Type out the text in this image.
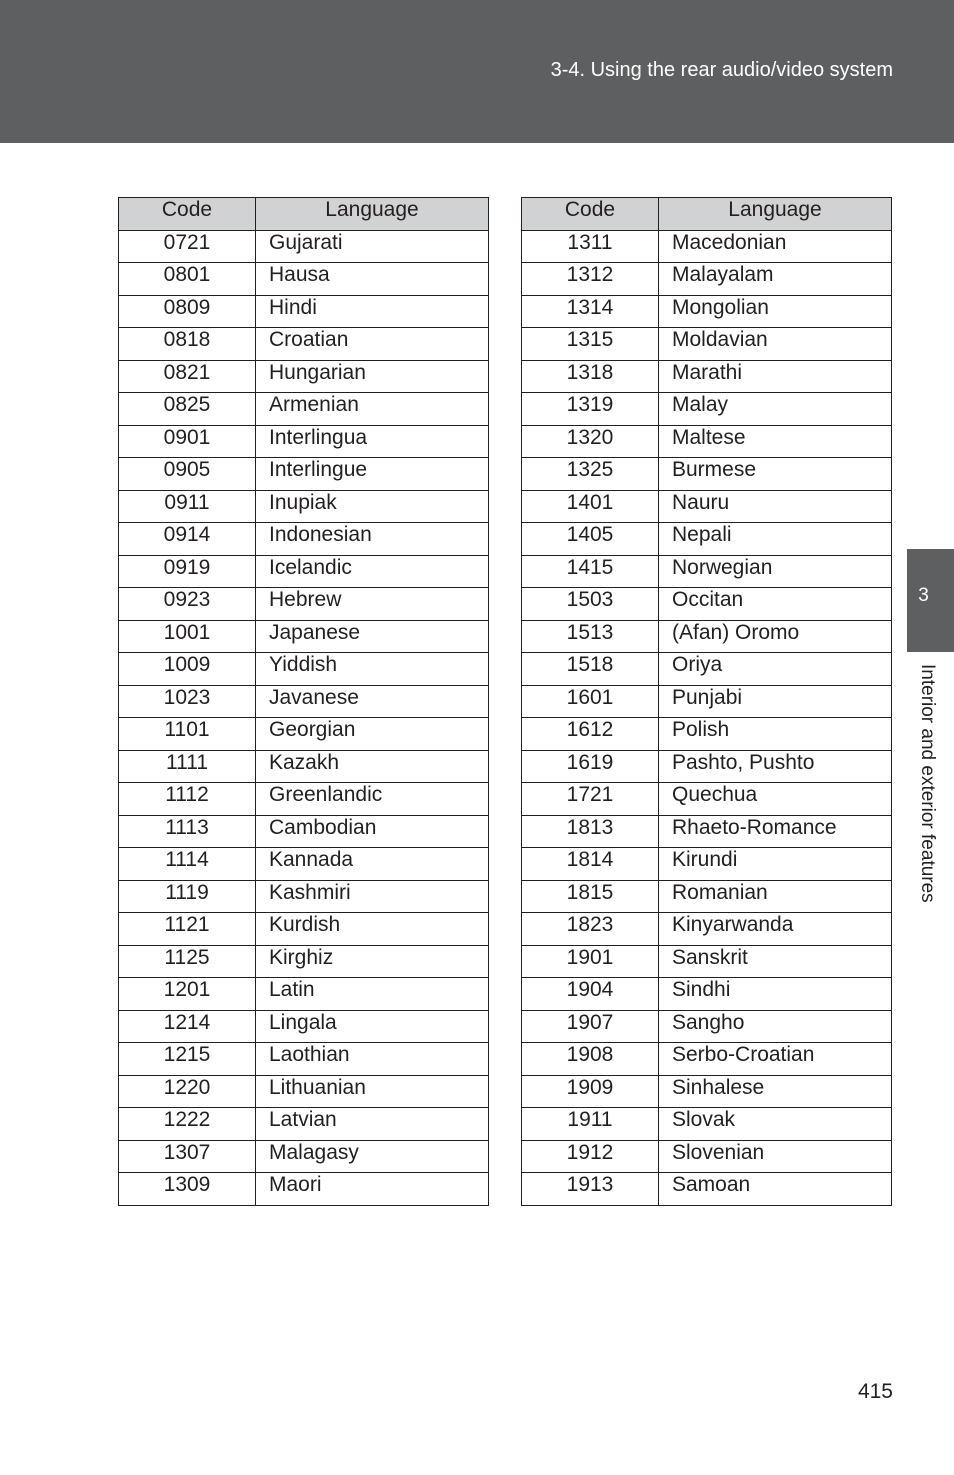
3-4. Using the rear audio/video system
3
Interior and exterior features
Code	Language
0721	Gujarati
0801	Hausa
0809	Hindi
0818	Croatian
0821	Hungarian
0825	Armenian
0901	Interlingua
0905	Interlingue
0911	Inupiak
0914	Indonesian
0919	Icelandic
0923	Hebrew
1001	Japanese
1009	Yiddish
1023	Javanese
1101	Georgian
1111	Kazakh
1112	Greenlandic
1113	Cambodian
1114	Kannada
1119	Kashmiri
1121	Kurdish
1125	Kirghiz
1201	Latin
1214	Lingala
1215	Laothian
1220	Lithuanian
1222	Latvian
1307	Malagasy
1309	Maori
Code	Language
1311	Macedonian
1312	Malayalam
1314	Mongolian
1315	Moldavian
1318	Marathi
1319	Malay
1320	Maltese
1325	Burmese
1401	Nauru
1405	Nepali
1415	Norwegian
1503	Occitan
1513	(Afan) Oromo
1518	Oriya
1601	Punjabi
1612	Polish
1619	Pashto, Pushto
1721	Quechua
1813	Rhaeto-Romance
1814	Kirundi
1815	Romanian
1823	Kinyarwanda
1901	Sanskrit
1904	Sindhi
1907	Sangho
1908	Serbo-Croatian
1909	Sinhalese
1911	Slovak
1912	Slovenian
1913	Samoan
415
